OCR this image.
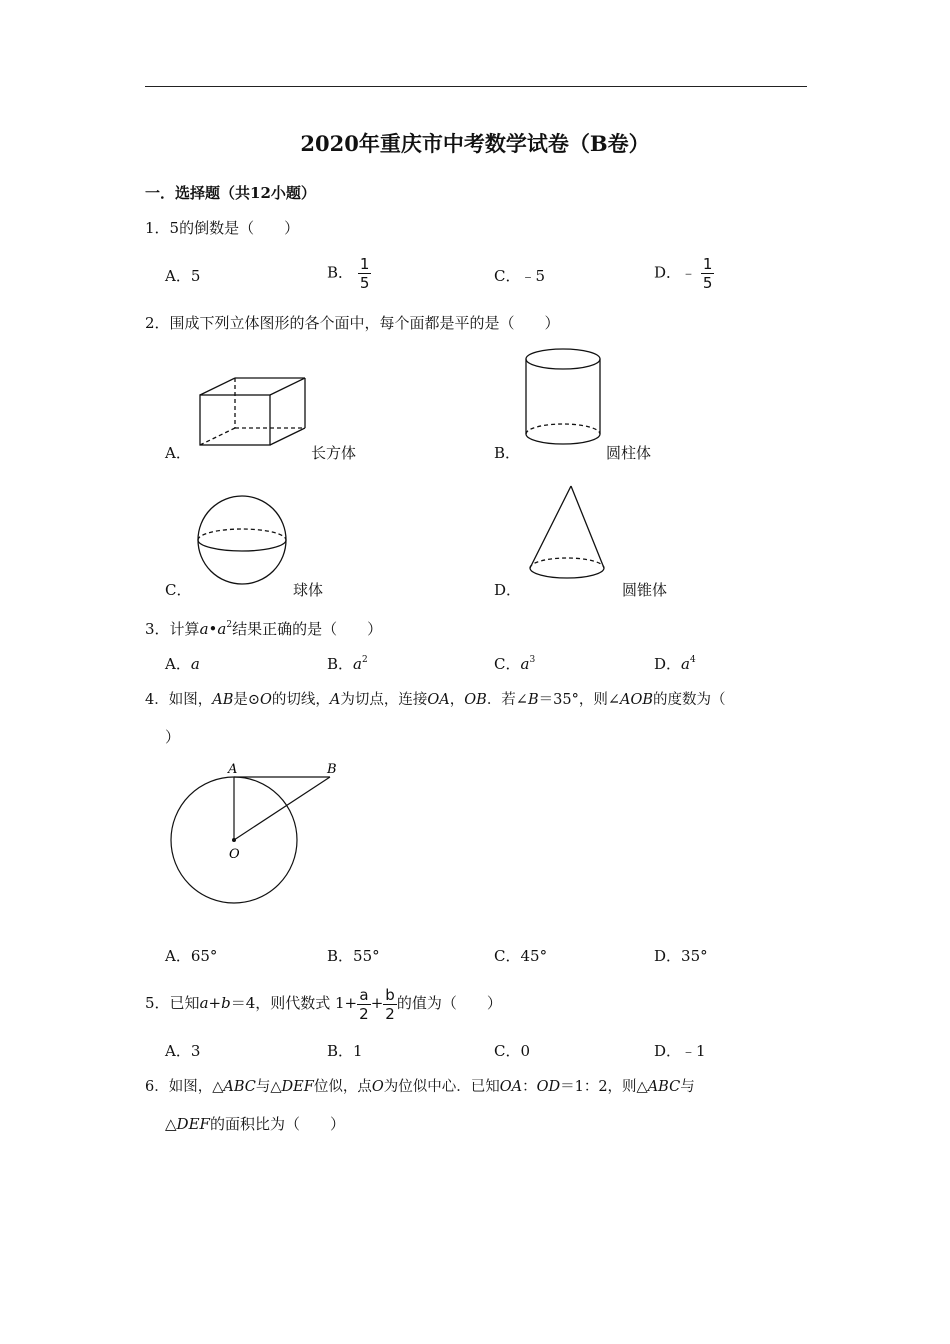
2020年重庆市中考数学试卷（B卷）
一．选择题（共12小题）
1．5的倒数是（　　）
A．5	B． $\frac{1}{5}$	C．﹣5	D．﹣ $\frac{1}{5}$
2．围成下列立体图形的各个面中，每个面都是平的是（　　）
A．	长方体	B．	圆柱体
C．	球体	D．	圆锥体
3．计算$a•a^2$结果正确的是（　　）
A．a	B．$a^2$	C．$a^3$	D．$a^4$
4．如图，AB是⊙O的切线，A为切点，连接OA，OB．若∠B＝35°，则∠AOB的度数为（
）
A	B
O
A．65°	B．55°	C．45°	D．35°
5．已知a+b＝4，则代数式 $1+ \frac{a}{2} + \frac{b}{2}$ 的值为（　　）
A．3	B．1	C．0	D．﹣1
6．如图，△ABC与△DEF位似，点O为位似中心．已知OA：OD＝1：2，则△ABC与
△DEF的面积比为（　　）
